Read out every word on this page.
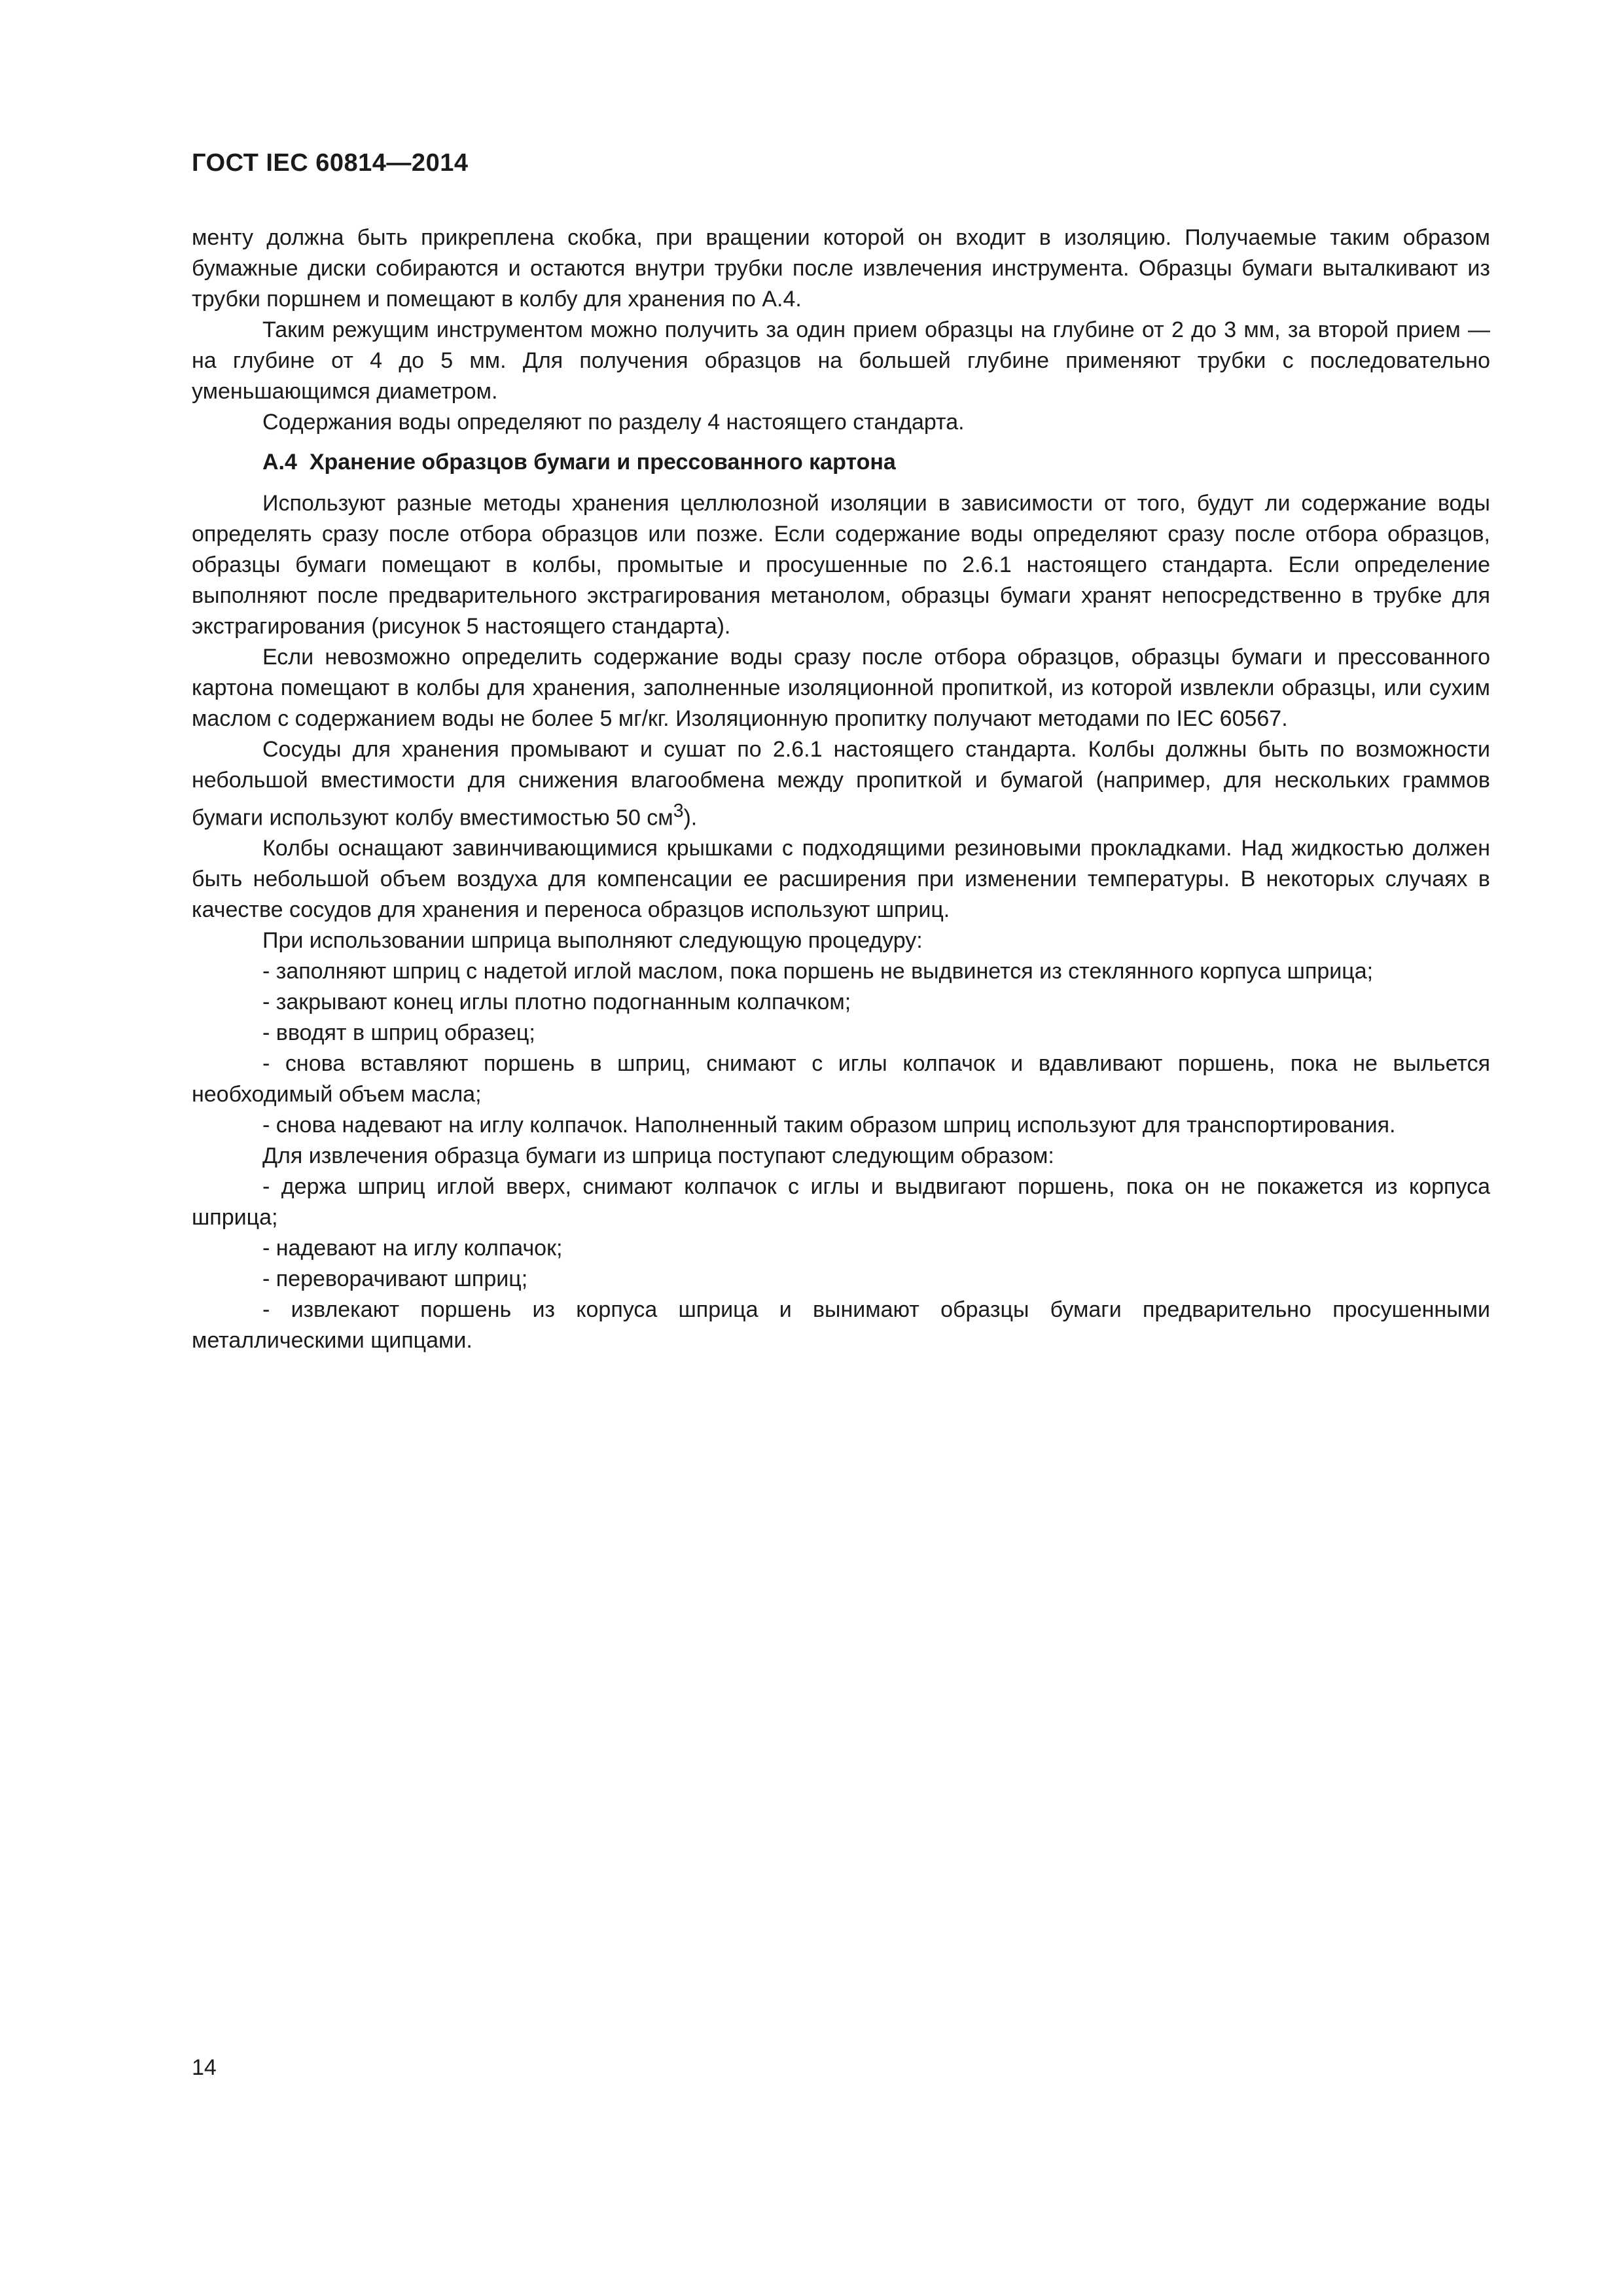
ГОСТ IEC 60814—2014

менту должна быть прикреплена скобка, при вращении которой он входит в изоляцию. Получаемые таким образом бумажные диски собираются и остаются внутри трубки после извлечения инструмента. Образцы бумаги выталкивают из трубки поршнем и помещают в колбу для хранения по А.4.

Таким режущим инструментом можно получить за один прием образцы на глубине от 2 до 3 мм, за второй прием — на глубине от 4 до 5 мм. Для получения образцов на большей глубине применяют трубки с последовательно уменьшающимся диаметром.

Содержания воды определяют по разделу 4 настоящего стандарта.

А.4 Хранение образцов бумаги и прессованного картона

Используют разные методы хранения целлюлозной изоляции в зависимости от того, будут ли содержание воды определять сразу после отбора образцов или позже. Если содержание воды определяют сразу после отбора образцов, образцы бумаги помещают в колбы, промытые и просушенные по 2.6.1 настоящего стандарта. Если определение выполняют после предварительного экстрагирования метанолом, образцы бумаги хранят непосредственно в трубке для экстрагирования (рисунок 5 настоящего стандарта).

Если невозможно определить содержание воды сразу после отбора образцов, образцы бумаги и прессованного картона помещают в колбы для хранения, заполненные изоляционной пропиткой, из которой извлекли образцы, или сухим маслом с содержанием воды не более 5 мг/кг. Изоляционную пропитку получают методами по IEC 60567.

Сосуды для хранения промывают и сушат по 2.6.1 настоящего стандарта. Колбы должны быть по возможности небольшой вместимости для снижения влагообмена между пропиткой и бумагой (например, для нескольких граммов бумаги используют колбу вместимостью 50 $см^3$).

Колбы оснащают завинчивающимися крышками с подходящими резиновыми прокладками. Над жидкостью должен быть небольшой объем воздуха для компенсации ее расширения при изменении температуры. В некоторых случаях в качестве сосудов для хранения и переноса образцов используют шприц.

При использовании шприца выполняют следующую процедуру:

- заполняют шприц с надетой иглой маслом, пока поршень не выдвинется из стеклянного корпуса шприца;

- закрывают конец иглы плотно подогнанным колпачком;

- вводят в шприц образец;

- снова вставляют поршень в шприц, снимают с иглы колпачок и вдавливают поршень, пока не выльется необходимый объем масла;

- снова надевают на иглу колпачок. Наполненный таким образом шприц используют для транспортирования.

Для извлечения образца бумаги из шприца поступают следующим образом:

- держа шприц иглой вверх, снимают колпачок с иглы и выдвигают поршень, пока он не покажется из корпуса шприца;

- надевают на иглу колпачок;

- переворачивают шприц;

- извлекают поршень из корпуса шприца и вынимают образцы бумаги предварительно просушенными металлическими щипцами.

14
